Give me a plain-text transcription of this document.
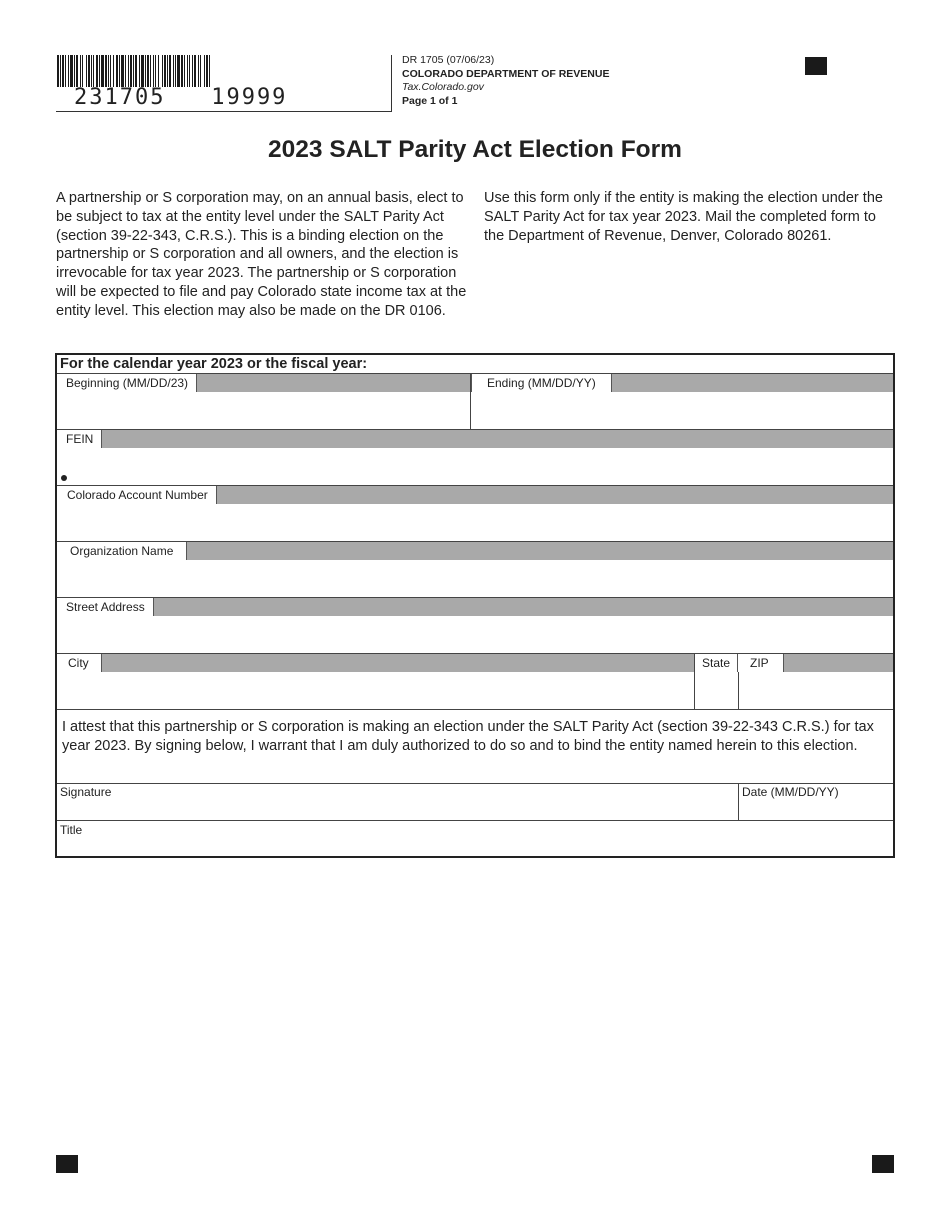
231705   19999
DR 1705 (07/06/23)
COLORADO DEPARTMENT OF REVENUE
Tax.Colorado.gov
Page 1 of 1
2023 SALT Parity Act Election Form
A partnership or S corporation may, on an annual basis, elect to be subject to tax at the entity level under the SALT Parity Act (section 39-22-343, C.R.S.). This is a binding election on the partnership or S corporation and all owners, and the election is irrevocable for tax year 2023. The partnership or S corporation will be expected to file and pay Colorado state income tax at the entity level. This election may also be made on the DR 0106.
Use this form only if the entity is making the election under the SALT Parity Act for tax year 2023. Mail the completed form to the Department of Revenue, Denver, Colorado 80261.
For the calendar year 2023 or the fiscal year:
Beginning (MM/DD/23)	Ending (MM/DD/YY)
FEIN
Colorado Account Number
Organization Name
Street Address
City	State	ZIP
I attest that this partnership or S corporation is making an election under the SALT Parity Act (section 39-22-343 C.R.S.) for tax year 2023. By signing below, I warrant that I am duly authorized to do so and to bind the entity named herein to this election.
Signature	Date (MM/DD/YY)
Title
